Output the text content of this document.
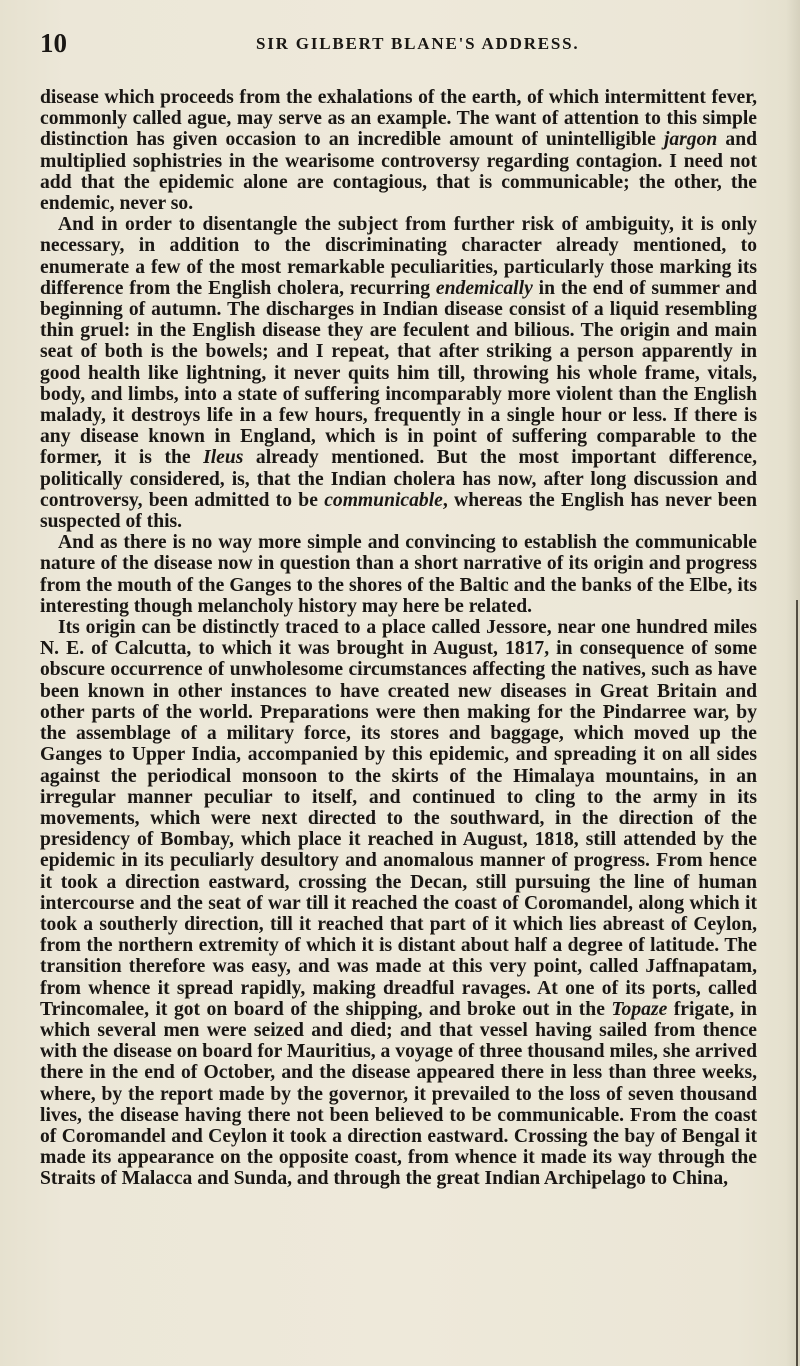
10	SIR GILBERT BLANE'S ADDRESS.

disease which proceeds from the exhalations of the earth, of which intermittent fever, commonly called ague, may serve as an example. The want of attention to this simple distinction has given occasion to an incredible amount of unintelligible jargon and multiplied sophistries in the wearisome controversy regarding contagion. I need not add that the epidemic alone are contagious, that is communicable; the other, the endemic, never so.

And in order to disentangle the subject from further risk of ambiguity, it is only necessary, in addition to the discriminating character already mentioned, to enumerate a few of the most remarkable peculiarities, particularly those marking its difference from the English cholera, recurring endemically in the end of summer and beginning of autumn. The discharges in Indian disease consist of a liquid resembling thin gruel: in the English disease they are feculent and bilious. The origin and main seat of both is the bowels; and I repeat, that after striking a person apparently in good health like lightning, it never quits him till, throwing his whole frame, vitals, body, and limbs, into a state of suffering incomparably more violent than the English malady, it destroys life in a few hours, frequently in a single hour or less. If there is any disease known in England, which is in point of suffering comparable to the former, it is the Ileus already mentioned. But the most important difference, politically considered, is, that the Indian cholera has now, after long discussion and controversy, been admitted to be communicable, whereas the English has never been suspected of this.

And as there is no way more simple and convincing to establish the communicable nature of the disease now in question than a short narrative of its origin and progress from the mouth of the Ganges to the shores of the Baltic and the banks of the Elbe, its interesting though melancholy history may here be related.

Its origin can be distinctly traced to a place called Jessore, near one hundred miles N. E. of Calcutta, to which it was brought in August, 1817, in consequence of some obscure occurrence of unwholesome circumstances affecting the natives, such as have been known in other instances to have created new diseases in Great Britain and other parts of the world. Preparations were then making for the Pindarree war, by the assemblage of a military force, its stores and baggage, which moved up the Ganges to Upper India, accompanied by this epidemic, and spreading it on all sides against the periodical monsoon to the skirts of the Himalaya mountains, in an irregular manner peculiar to itself, and continued to cling to the army in its movements, which were next directed to the southward, in the direction of the presidency of Bombay, which place it reached in August, 1818, still attended by the epidemic in its peculiarly desultory and anomalous manner of progress. From hence it took a direction eastward, crossing the Decan, still pursuing the line of human intercourse and the seat of war till it reached the coast of Coromandel, along which it took a southerly direction, till it reached that part of it which lies abreast of Ceylon, from the northern extremity of which it is distant about half a degree of latitude. The transition therefore was easy, and was made at this very point, called Jaffnapatam, from whence it spread rapidly, making dreadful ravages. At one of its ports, called Trincomalee, it got on board of the shipping, and broke out in the Topaze frigate, in which several men were seized and died; and that vessel having sailed from thence with the disease on board for Mauritius, a voyage of three thousand miles, she arrived there in the end of October, and the disease appeared there in less than three weeks, where, by the report made by the governor, it prevailed to the loss of seven thousand lives, the disease having there not been believed to be communicable. From the coast of Coromandel and Ceylon it took a direction eastward. Crossing the bay of Bengal it made its appearance on the opposite coast, from whence it made its way through the Straits of Malacca and Sunda, and through the great Indian Archipelago to China,
